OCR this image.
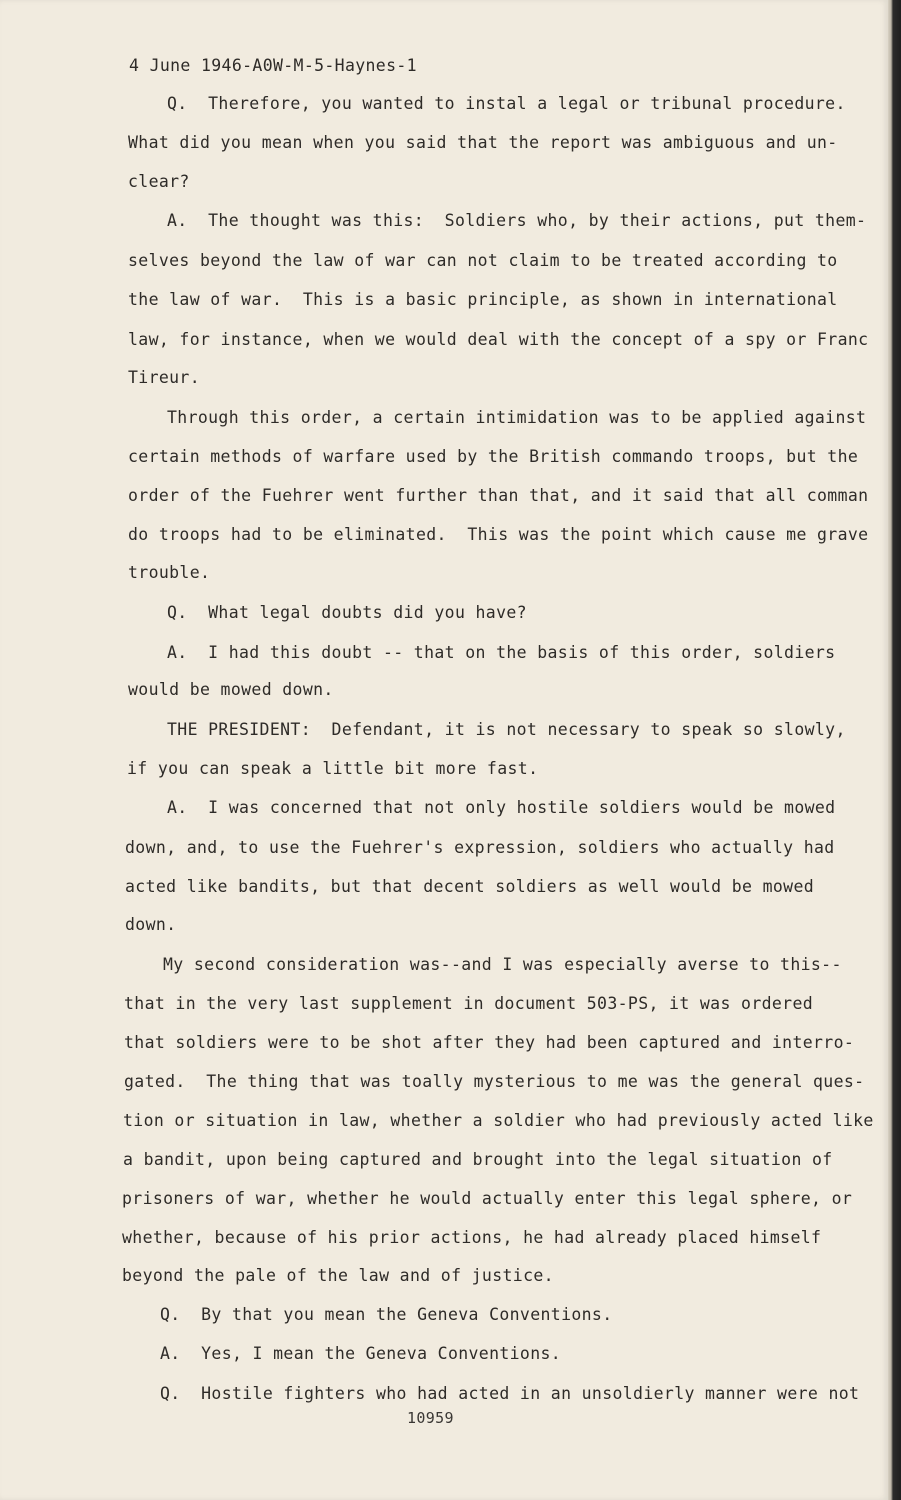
4 June 1946-A0W-M-5-Haynes-1
Q.  Therefore, you wanted to instal a legal or tribunal procedure.
What did you mean when you said that the report was ambiguous and un-
clear?
A.  The thought was this:  Soldiers who, by their actions, put them-
selves beyond the law of war can not claim to be treated according to
the law of war.  This is a basic principle, as shown in international
law, for instance, when we would deal with the concept of a spy or Franc
Tireur.
Through this order, a certain intimidation was to be applied against
certain methods of warfare used by the British commando troops, but the
order of the Fuehrer went further than that, and it said that all comman
do troops had to be eliminated.  This was the point which cause me grave
trouble.
Q.  What legal doubts did you have?
A.  I had this doubt -- that on the basis of this order, soldiers
would be mowed down.
THE PRESIDENT:  Defendant, it is not necessary to speak so slowly,
if you can speak a little bit more fast.
A.  I was concerned that not only hostile soldiers would be mowed
down, and, to use the Fuehrer's expression, soldiers who actually had
acted like bandits, but that decent soldiers as well would be mowed
down.
My second consideration was--and I was especially averse to this--
that in the very last supplement in document 503-PS, it was ordered
that soldiers were to be shot after they had been captured and interro-
gated.  The thing that was toally mysterious to me was the general ques-
tion or situation in law, whether a soldier who had previously acted like
a bandit, upon being captured and brought into the legal situation of
prisoners of war, whether he would actually enter this legal sphere, or
whether, because of his prior actions, he had already placed himself
beyond the pale of the law and of justice.
Q.  By that you mean the Geneva Conventions.
A.  Yes, I mean the Geneva Conventions.
Q.  Hostile fighters who had acted in an unsoldierly manner were not
10959
